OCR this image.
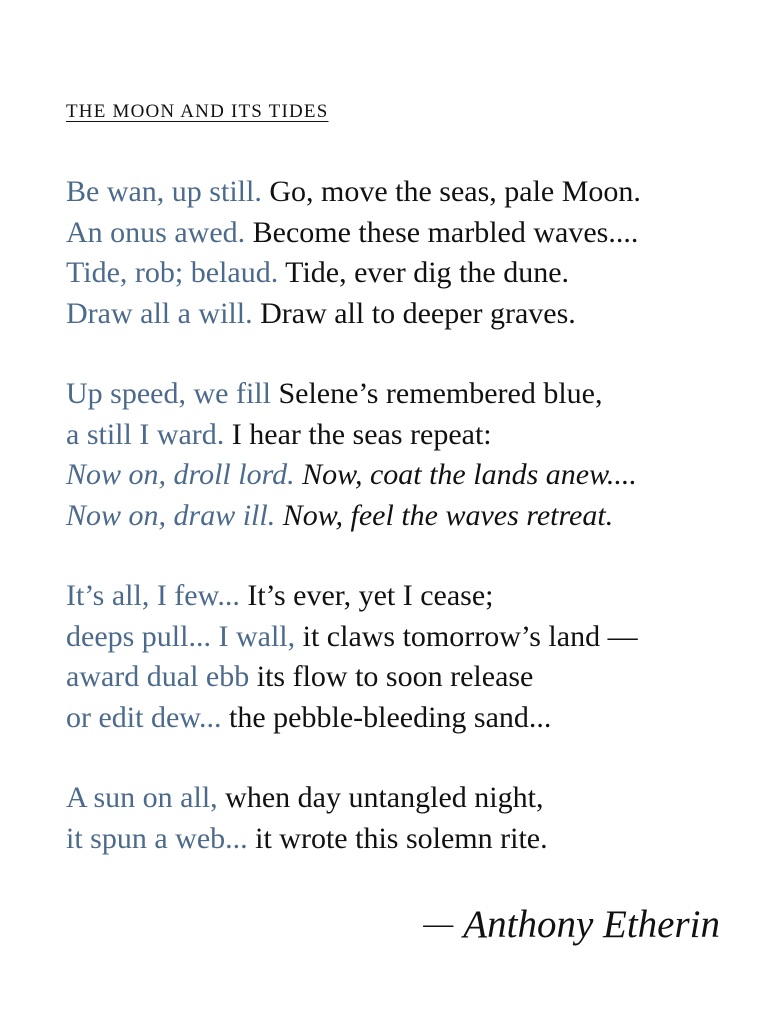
THE MOON AND ITS TIDES
Be wan, up still. Go, move the seas, pale Moon.
An onus awed. Become these marbled waves....
Tide, rob; belaud. Tide, ever dig the dune.
Draw all a will. Draw all to deeper graves.
Up speed, we fill Selene’s remembered blue,
a still I ward. I hear the seas repeat:
Now on, droll lord. Now, coat the lands anew....
Now on, draw ill. Now, feel the waves retreat.
It’s all, I few... It’s ever, yet I cease;
deeps pull... I wall, it claws tomorrow’s land —
award dual ebb its flow to soon release
or edit dew... the pebble-bleeding sand...
A sun on all, when day untangled night,
it spun a web... it wrote this solemn rite.
— Anthony Etherin
